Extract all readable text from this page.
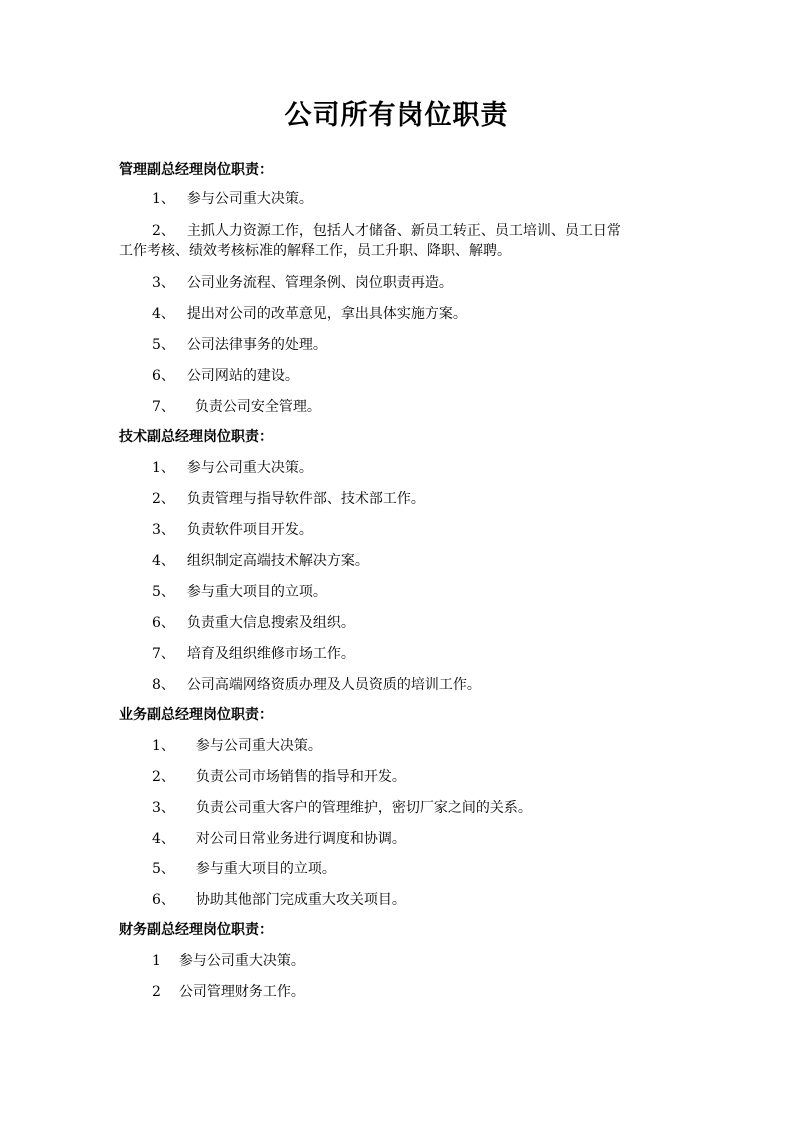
公司所有岗位职责
管理副总经理岗位职责：
1、 参与公司重大决策。
2、 主抓人力资源工作，包括人才储备、新员工转正、员工培训、员工日常
工作考核、绩效考核标准的解释工作，员工升职、降职、解聘。
3、 公司业务流程、管理条例、岗位职责再造。
4、 提出对公司的改革意见，拿出具体实施方案。
5、 公司法律事务的处理。
6、 公司网站的建设。
7、 负责公司安全管理。
技术副总经理岗位职责：
1、 参与公司重大决策。
2、 负责管理与指导软件部、技术部工作。
3、 负责软件项目开发。
4、 组织制定高端技术解决方案。
5、 参与重大项目的立项。
6、 负责重大信息搜索及组织。
7、 培育及组织维修市场工作。
8、 公司高端网络资质办理及人员资质的培训工作。
业务副总经理岗位职责：
1、 参与公司重大决策。
2、 负责公司市场销售的指导和开发。
3、 负责公司重大客户的管理维护，密切厂家之间的关系。
4、 对公司日常业务进行调度和协调。
5、 参与重大项目的立项。
6、 协助其他部门完成重大攻关项目。
财务副总经理岗位职责：
1 参与公司重大决策。
2 公司管理财务工作。
